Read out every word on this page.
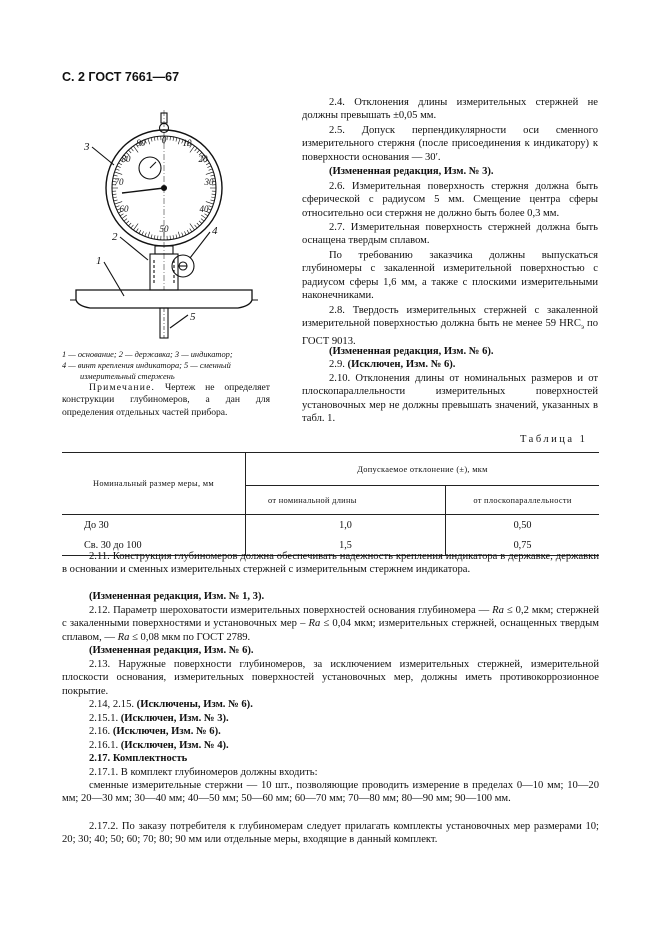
С. 2 ГОСТ 7661—67
0
90	10
20
80
30
70
40
60
50
3
2	4
1
5
1 — основание; 2 — державка; 3 — индикатор;
4 — винт крепления индикатора; 5 — сменный
измерительный стержень
Примечание. Чертеж не определяет конструкции глубиномеров, а дан для определения отдельных частей прибора.
2.4. Отклонения длины измерительных стержней не должны превышать ±0,05 мм.
2.5. Допуск перпендикулярности оси сменного измерительного стержня (после присоединения к индикатору) к поверхности основания — 30′.
(Измененная редакция, Изм. № 3).
2.6. Измерительная поверхность стержня должна быть сферической с радиусом 5 мм. Смещение центра сферы относительно оси стержня не должно быть более 0,3 мм.
2.7. Измерительная поверхность стержней должна быть оснащена твердым сплавом.
По требованию заказчика должны выпускаться глубиномеры с закаленной измерительной поверхностью с радиусом сферы 1,6 мм, а также с плоскими измерительными наконечниками.
2.8. Твердость измерительных стержней с закаленной измерительной поверхностью должна быть не менее 59 $HRC_э$ по ГОСТ 9013.
(Измененная редакция, Изм. № 6).
2.9. (Исключен, Изм. № 6).
2.10. Отклонения длины от номинальных размеров и от плоскопараллельности измерительных поверхностей установочных мер не должны превышать значений, указанных в табл. 1.
Таблица 1
Номинальный размер меры, мм	Допускаемое отклонение (±), мкм	
	от номинальной длины	от плоскопараллельности
До 30	1,0	0,50
Св. 30 до 100	1,5	0,75
2.11. Конструкция глубиномеров должна обеспечивать надежность крепления индикатора в державке, державки в основании и сменных измерительных стержней с измерительным стержнем индикатора.
(Измененная редакция, Изм. № 1, 3).
2.12. Параметр шероховатости измерительных поверхностей основания глубиномера — Ra ≤ 0,2 мкм; стержней с закаленными поверхностями и установочных мер – Ra ≤ 0,04 мкм; измерительных стержней, оснащенных твердым сплавом, — Ra ≤ 0,08 мкм по ГОСТ 2789.
(Измененная редакция, Изм. № 6).
2.13. Наружные поверхности глубиномеров, за исключением измерительных стержней, измерительной плоскости основания, измерительных поверхностей установочных мер, должны иметь противокоррозионное покрытие.
2.14, 2.15. (Исключены, Изм. № 6).
2.15.1. (Исключен, Изм. № 3).
2.16. (Исключен, Изм. № 6).
2.16.1. (Исключен, Изм. № 4).
2.17. Комплектность
2.17.1. В комплект глубиномеров должны входить:
сменные измерительные стержни — 10 шт., позволяющие проводить измерение в пределах 0—10 мм; 10—20 мм; 20—30 мм; 30—40 мм; 40—50 мм; 50—60 мм; 60—70 мм; 70—80 мм; 80—90 мм; 90—100 мм.
2.17.2. По заказу потребителя к глубиномерам следует прилагать комплекты установочных мер размерами 10; 20; 30; 40; 50; 60; 70; 80; 90 мм или отдельные меры, входящие в данный комплект.
